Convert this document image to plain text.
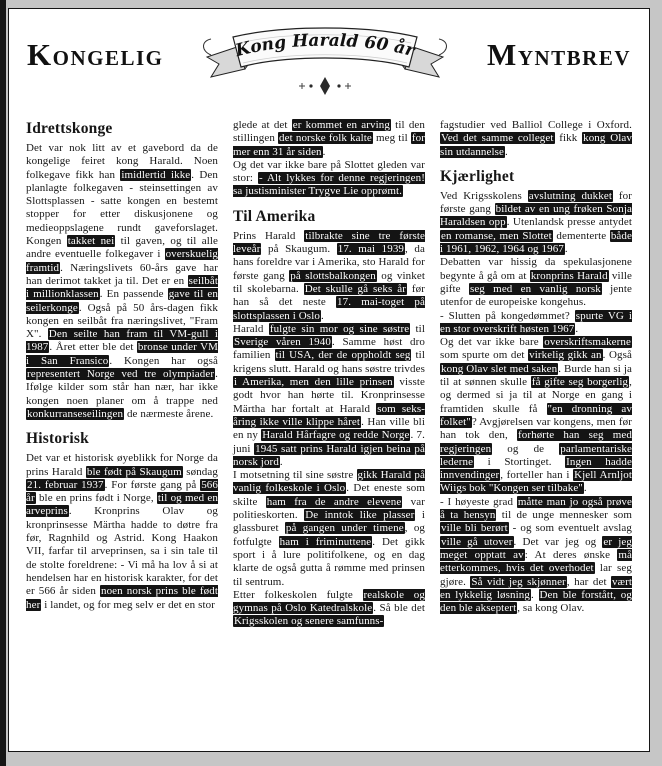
KONGELIG	Kong Harald 60 år	MYNTBREV
Idrettskonge

Det var nok litt av et gavebord da de kongelige feiret kong Harald. Noen folkegave fikk han imidlertid ikke. Den planlagte folkegaven - steinsettingen av Slottsplassen - satte kongen en bestemt stopper for etter diskusjonene og medieoppslagene rundt gaveforslaget. Kongen takket nei til gaven, og til alle andre eventuelle folkegaver i overskuelig framtid. Næringslivets 60-års gave har han derimot takket ja til. Det er en seilbåt i millionklassen. En passende gave til en seilerkonge. Også på 50 års-dagen fikk kongen en seilbåt fra næringslivet, "Fram X". Den seilte han fram til VM-gull i 1987. Året etter ble det bronse under VM i San Fransico. Kongen har også representert Norge ved tre olympiader. Ifølge kilder som står han nær, har ikke kongen noen planer om å trappe ned konkurranseseilingen de nærmeste årene.

Historisk

Det var et historisk øyeblikk for Norge da prins Harald ble født på Skaugum søndag 21. februar 1937. For første gang på 566 år ble en prins født i Norge, til og med en arveprins. Kronprins Olav og kronprinsesse Märtha hadde to døtre fra før, Ragnhild og Astrid. Kong Haakon VII, farfar til arveprinsen, sa i sin tale til de stolte foreldrene: - Vi må ha lov å si at hendelsen har en historisk karakter, for det er 566 år siden noen norsk prins ble født her i landet, og for meg selv er det en stor

glede at det er kommet en arving til den stillingen det norske folk kalte meg til for mer enn 31 år siden.

Og det var ikke bare på Slottet gleden var stor: - Alt lykkes for denne regjeringen! sa justisminister Trygve Lie opprømt.

Til Amerika

Prins Harald tilbrakte sine tre første leveår på Skaugum. 17. mai 1939, da hans foreldre var i Amerika, sto Harald for første gang på slottsbalkongen og vinket til skolebarna. Det skulle gå seks år før han så det neste 17. mai-toget på slottsplassen i Oslo.

Harald fulgte sin mor og sine søstre til Sverige våren 1940. Samme høst dro familien til USA, der de oppholdt seg til krigens slutt. Harald og hans søstre trivdes i Amerika, men den lille prinsen visste godt hvor han hørte til. Kronprinsesse Märtha har fortalt at Harald som seks-åring ikke ville klippe håret. Han ville bli en ny Harald Hårfagre og redde Norge. 7. juni 1945 satt prins Harald igjen beina på norsk jord.

I motsetning til sine søstre gikk Harald på vanlig folkeskole i Oslo. Det eneste som skilte ham fra de andre elevene var politieskorten. De inntok like plasser i glassburet på gangen under timene, og fotfulgte ham i friminuttene. Det gikk sport i å lure politifolkene, og en dag klarte de også gutta å rømme med prinsen til sentrum.

Etter folkeskolen fulgte realskole og gymnas på Oslo Katedralskole. Så ble det Krigsskolen og senere samfunns-

fagstudier ved Balliol College i Oxford. Ved det samme colleget fikk kong Olav sin utdannelse.

Kjærlighet

Ved Krigsskolens avslutning dukket for første gang bildet av en ung frøken Sonja Haraldsen opp. Utenlandsk presse antydet en romanse, men Slottet dementerte både i 1961, 1962, 1964 og 1967.

Debatten var hissig da spekulasjonene begynte å gå om at kronprins Harald ville gifte seg med en vanlig norsk jente utenfor de europeiske kongehus.

- Slutten på kongedømmet? spurte VG i en stor overskrift høsten 1967.

Og det var ikke bare overskriftsmakerne som spurte om det virkelig gikk an. Også kong Olav slet med saken. Burde han si ja til at sønnen skulle få gifte seg borgerlig, og dermed si ja til at Norge en gang i framtiden skulle få "en dronning av folket"? Avgjørelsen var kongens, men før han tok den, forhørte han seg med regjeringen og de parlamentariske lederne i Stortinget. Ingen hadde innvendinger, forteller han i Kjell Arnljot Wiigs bok "Kongen ser tilbake".

- I høyeste grad måtte man jo også prøve å ta hensyn til de unge mennesker som ville bli berørt - og som eventuelt avslag ville gå utover. Det var jeg og er jeg meget opptatt av: At deres ønske må etterkommes, hvis det overhodet lar seg gjøre. Så vidt jeg skjønner, har det vært en lykkelig løsning. Den ble forstått, og den ble akseptert, sa kong Olav.
